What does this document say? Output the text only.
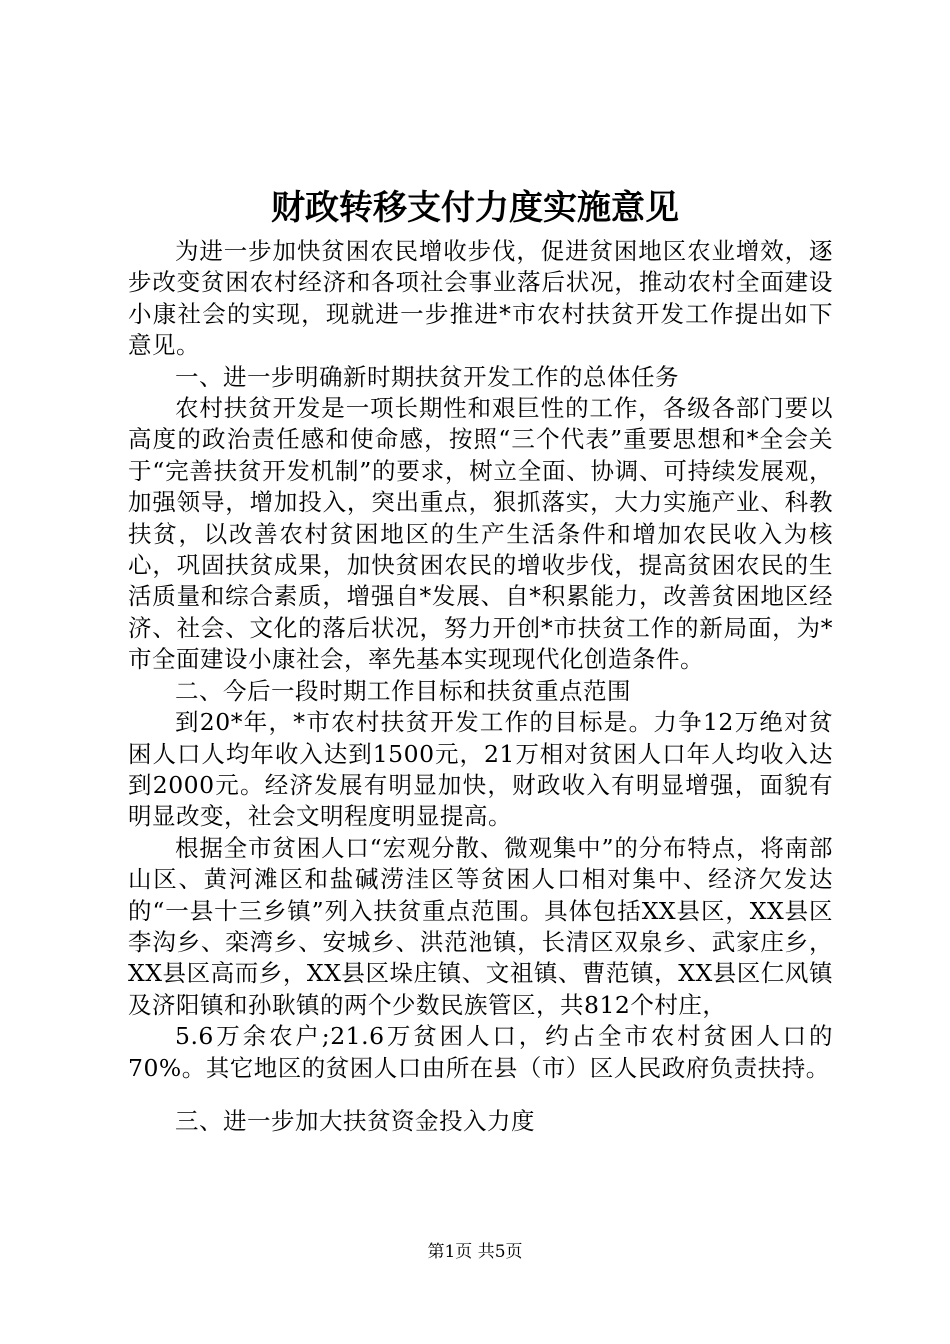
财政转移支付力度实施意见

为进一步加快贫困农民增收步伐，促进贫困地区农业增效，逐步改变贫困农村经济和各项社会事业落后状况，推动农村全面建设小康社会的实现，现就进一步推进*市农村扶贫开发工作提出如下意见。

一、进一步明确新时期扶贫开发工作的总体任务

农村扶贫开发是一项长期性和艰巨性的工作，各级各部门要以高度的政治责任感和使命感，按照“三个代表”重要思想和*全会关于“完善扶贫开发机制”的要求，树立全面、协调、可持续发展观，加强领导，增加投入，突出重点，狠抓落实，大力实施产业、科教扶贫，以改善农村贫困地区的生产生活条件和增加农民收入为核心，巩固扶贫成果，加快贫困农民的增收步伐，提高贫困农民的生活质量和综合素质，增强自*发展、自*积累能力，改善贫困地区经济、社会、文化的落后状况，努力开创*市扶贫工作的新局面，为*市全面建设小康社会，率先基本实现现代化创造条件。

二、今后一段时期工作目标和扶贫重点范围

到20*年，*市农村扶贫开发工作的目标是。力争12万绝对贫困人口人均年收入达到1500元，21万相对贫困人口年人均收入达到2000元。经济发展有明显加快，财政收入有明显增强，面貌有明显改变，社会文明程度明显提高。

根据全市贫困人口“宏观分散、微观集中”的分布特点，将南部山区、黄河滩区和盐碱涝洼区等贫困人口相对集中、经济欠发达的“一县十三乡镇”列入扶贫重点范围。具体包括XX县区，XX县区李沟乡、栾湾乡、安城乡、洪范池镇，长清区双泉乡、武家庄乡，XX县区高而乡，XX县区垛庄镇、文祖镇、曹范镇，XX县区仁风镇及济阳镇和孙耿镇的两个少数民族管区，共812个村庄，

5.6万余农户;21.6万贫困人口，约占全市农村贫困人口的70%。其它地区的贫困人口由所在县（市）区人民政府负责扶持。

三、进一步加大扶贫资金投入力度

第1页 共5页
